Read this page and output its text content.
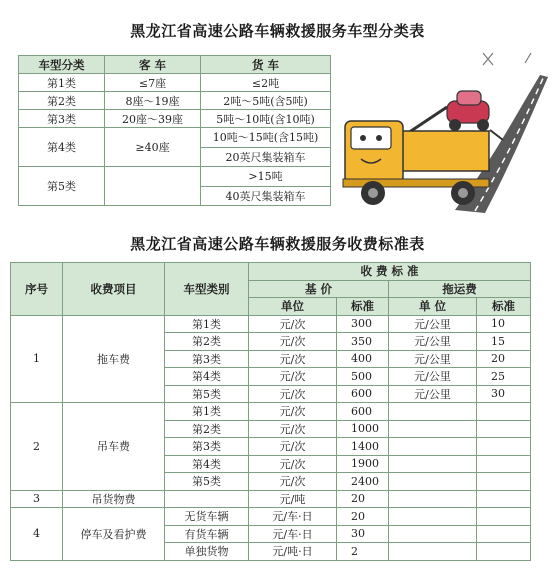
黑龙江省高速公路车辆救援服务车型分类表
车型分类	客 车	货 车
第1类	≤7座	≤2吨
第2类	8座～19座	2吨～5吨(含5吨)
第3类	20座～39座	5吨～10吨(含10吨)
第4类	≥40座	10吨～15吨(含15吨)
		20英尺集装箱车
第5类		>15吨
		40英尺集装箱车
黑龙江省高速公路车辆救援服务收费标准表
序号	收费项目	车型类别	收 费 标 准			
			基 价		拖运费	
			单位	标准	单 位	标准
1	拖车费	第1类	元/次	300	元/公里	10
		第2类	元/次	350	元/公里	15
		第3类	元/次	400	元/公里	20
		第4类	元/次	500	元/公里	25
		第5类	元/次	600	元/公里	30
2	吊车费	第1类	元/次	600		
		第2类	元/次	1000		
		第3类	元/次	1400		
		第4类	元/次	1900		
		第5类	元/次	2400		
3	吊货物费		元/吨	20		
4	停车及看护费	无货车辆	元/车·日	20		
		有货车辆	元/车·日	30		
		单独货物	元/吨·日	2		
